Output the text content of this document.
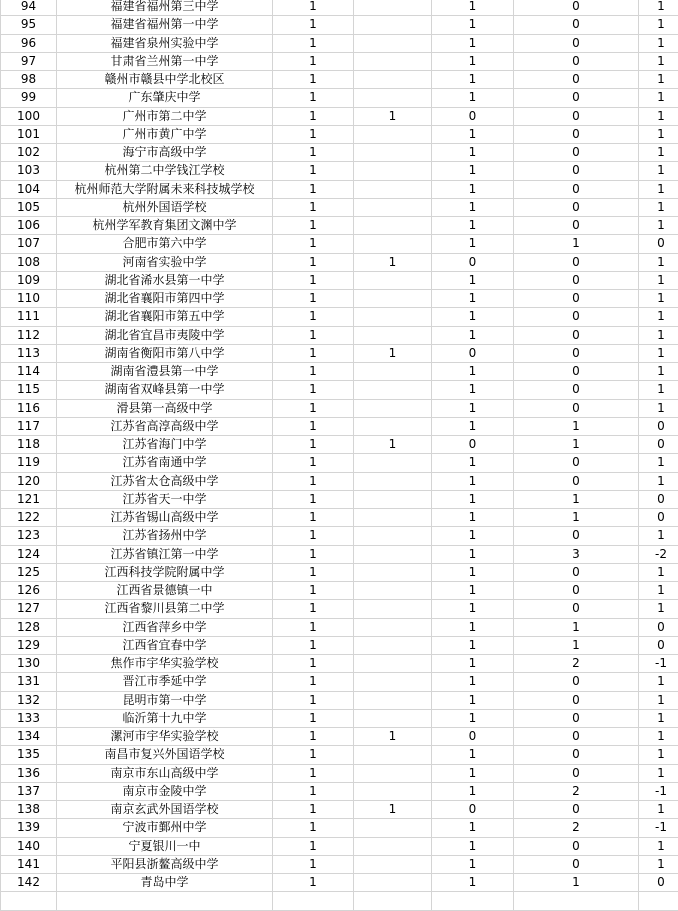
94	福建省福州第三中学	1		1	0	1
95	福建省福州第一中学	1		1	0	1
96	福建省泉州实验中学	1		1	0	1
97	甘肃省兰州第一中学	1		1	0	1
98	赣州市赣县中学北校区	1		1	0	1
99	广东肇庆中学	1		1	0	1
100	广州市第二中学	1	1	0	0	1
101	广州市黄广中学	1		1	0	1
102	海宁市高级中学	1		1	0	1
103	杭州第二中学钱江学校	1		1	0	1
104	杭州师范大学附属未来科技城学校	1		1	0	1
105	杭州外国语学校	1		1	0	1
106	杭州学军教育集团文渊中学	1		1	0	1
107	合肥市第六中学	1		1	1	0
108	河南省实验中学	1	1	0	0	1
109	湖北省浠水县第一中学	1		1	0	1
110	湖北省襄阳市第四中学	1		1	0	1
111	湖北省襄阳市第五中学	1		1	0	1
112	湖北省宜昌市夷陵中学	1		1	0	1
113	湖南省衡阳市第八中学	1	1	0	0	1
114	湖南省澧县第一中学	1		1	0	1
115	湖南省双峰县第一中学	1		1	0	1
116	滑县第一高级中学	1		1	0	1
117	江苏省高淳高级中学	1		1	1	0
118	江苏省海门中学	1	1	0	1	0
119	江苏省南通中学	1		1	0	1
120	江苏省太仓高级中学	1		1	0	1
121	江苏省天一中学	1		1	1	0
122	江苏省锡山高级中学	1		1	1	0
123	江苏省扬州中学	1		1	0	1
124	江苏省镇江第一中学	1		1	3	-2
125	江西科技学院附属中学	1		1	0	1
126	江西省景德镇一中	1		1	0	1
127	江西省黎川县第二中学	1		1	0	1
128	江西省萍乡中学	1		1	1	0
129	江西省宜春中学	1		1	1	0
130	焦作市宇华实验学校	1		1	2	-1
131	晋江市季延中学	1		1	0	1
132	昆明市第一中学	1		1	0	1
133	临沂第十九中学	1		1	0	1
134	漯河市宇华实验学校	1	1	0	0	1
135	南昌市复兴外国语学校	1		1	0	1
136	南京市东山高级中学	1		1	0	1
137	南京市金陵中学	1		1	2	-1
138	南京玄武外国语学校	1	1	0	0	1
139	宁波市鄞州中学	1		1	2	-1
140	宁夏银川一中	1		1	0	1
141	平阳县浙鳌高级中学	1		1	0	1
142	青岛中学	1		1	1	0
